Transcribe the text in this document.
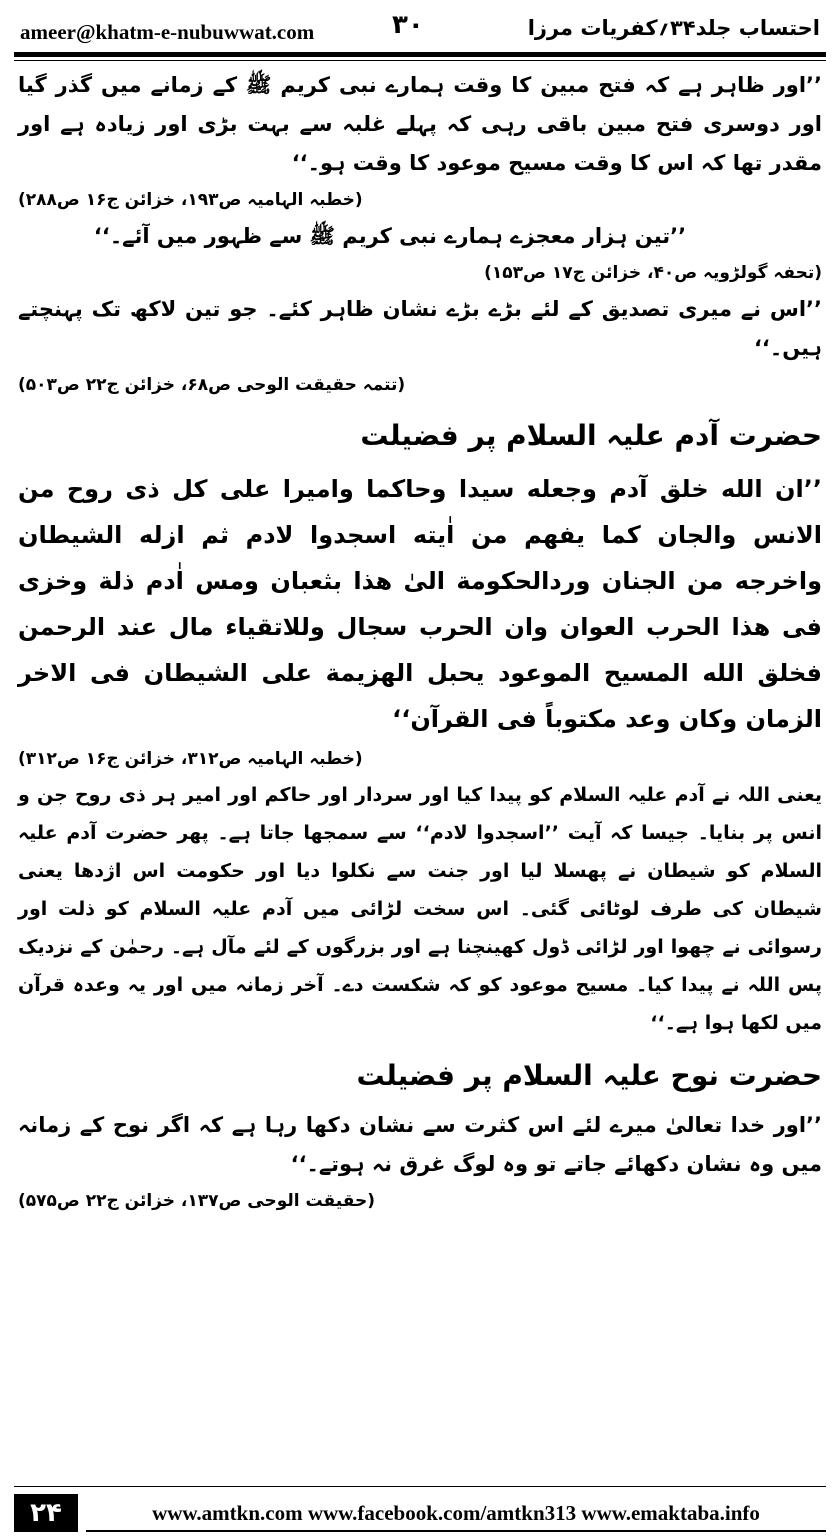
ameer@khatm-e-nubuwwat.com	۳۰	احتساب جلد۳۴؍کفریات مرزا

’’اور ظاہر ہے کہ فتح مبین کا وقت ہمارے نبی کریم ﷺ کے زمانے میں گذر گیا اور دوسری فتح مبین باقی رہی کہ پہلے غلبہ سے بہت بڑی اور زیادہ ہے اور مقدر تھا کہ اس کا وقت مسیح موعود کا وقت ہو۔‘‘

(خطبہ الہامیہ ص۱۹۳، خزائن ج۱۶ ص۲۸۸)

’’تین ہزار معجزے ہمارے نبی کریم ﷺ سے ظہور میں آئے۔‘‘

(تحفہ گولڑویہ ص۴۰، خزائن ج۱۷ ص۱۵۳)

’’اس نے میری تصدیق کے لئے بڑے بڑے نشان ظاہر کئے۔ جو تین لاکھ تک پہنچتے ہیں۔‘‘

(تتمہ حقیقت الوحی ص۶۸، خزائن ج۲۲ ص۵۰۳)

حضرت آدم علیہ السلام پر فضیلت

’’ان الله خلق آدم وجعله سيدا وحاكما واميرا على كل ذى روح من الانس والجان كما يفهم من اٰيته اسجدوا لادم ثم ازله الشيطان واخرجه من الجنان وردالحكومة الىٰ هذا بثعبان ومس اٰدم ذلة وخزى فى هذا الحرب العوان وان الحرب سجال وللاتقياء مال عند الرحمن فخلق الله المسيح الموعود يحبل الهزيمة على الشيطان فى الاخر الزمان وكان وعد مكتوباً فى القرآن‘‘

(خطبہ الہامیہ ص۳۱۲، خزائن ج۱۶ ص۳۱۲)

یعنی اللہ نے آدم علیہ السلام کو پیدا کیا اور سردار اور حاکم اور امیر ہر ذی روح جن و انس پر بنایا۔ جیسا کہ آیت ’’اسجدوا لادم‘‘ سے سمجھا جاتا ہے۔ پھر حضرت آدم علیہ السلام کو شیطان نے پھسلا لیا اور جنت سے نکلوا دیا اور حکومت اس اژدھا یعنی شیطان کی طرف لوٹائی گئی۔ اس سخت لڑائی میں آدم علیہ السلام کو ذلت اور رسوائی نے چھوا اور لڑائی ڈول کھینچنا ہے اور بزرگوں کے لئے مآل ہے۔ رحمٰن کے نزدیک پس اللہ نے پیدا کیا۔ مسیح موعود کو کہ شکست دے۔ آخر زمانہ میں اور یہ وعدہ قرآن میں لکھا ہوا ہے۔‘‘

حضرت نوح علیہ السلام پر فضیلت

’’اور خدا تعالیٰ میرے لئے اس کثرت سے نشان دکھا رہا ہے کہ اگر نوح کے زمانہ میں وہ نشان دکھائے جاتے تو وہ لوگ غرق نہ ہوتے۔‘‘

(حقیقت الوحی ص۱۳۷، خزائن ج۲۲ ص۵۷۵)

۲۴	www.amtkn.com www.facebook.com/amtkn313 www.emaktaba.info
